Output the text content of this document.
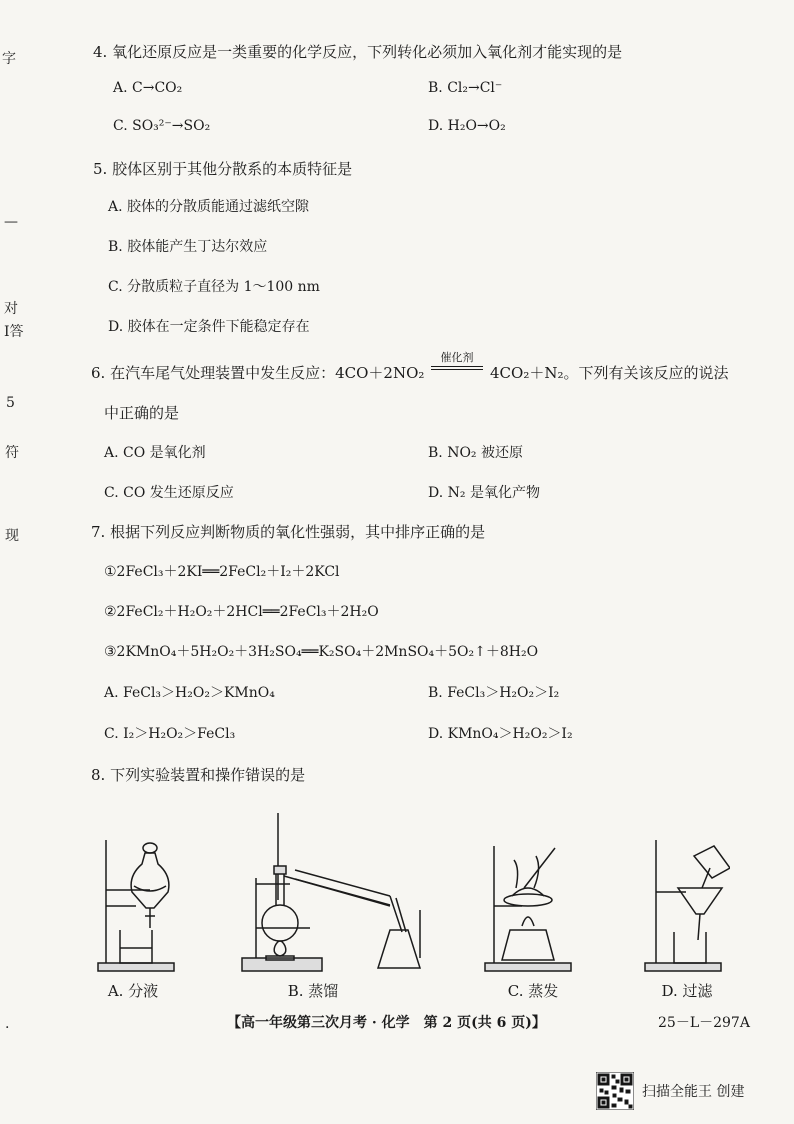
字
—
对
I答
5
符
现
.
4. 氧化还原反应是一类重要的化学反应，下列转化必须加入氧化剂才能实现的是
A. C→CO₂	B. Cl₂→Cl⁻
C. SO₃²⁻→SO₂	D. H₂O→O₂
5. 胶体区别于其他分散系的本质特征是
A. 胶体的分散质能通过滤纸空隙
B. 胶体能产生丁达尔效应
C. 分散质粒子直径为 1～100 nm
D. 胶体在一定条件下能稳定存在
6. 在汽车尾气处理装置中发生反应：4CO＋2NO₂
催化剂
4CO₂＋N₂。下列有关该反应的说法
中正确的是
A. CO 是氧化剂	B. NO₂ 被还原
C. CO 发生还原反应	D. N₂ 是氧化产物
7. 根据下列反应判断物质的氧化性强弱，其中排序正确的是
①2FeCl₃＋2KI══2FeCl₂＋I₂＋2KCl
②2FeCl₂＋H₂O₂＋2HCl══2FeCl₃＋2H₂O
③2KMnO₄＋5H₂O₂＋3H₂SO₄══K₂SO₄＋2MnSO₄＋5O₂↑＋8H₂O
A. FeCl₃＞H₂O₂＞KMnO₄	B. FeCl₃＞H₂O₂＞I₂
C. I₂＞H₂O₂＞FeCl₃	D. KMnO₄＞H₂O₂＞I₂
8. 下列实验装置和操作错误的是
A. 分液	B. 蒸馏	C. 蒸发	D. 过滤
【高一年级第三次月考 · 化学　第 2 页(共 6 页)】	25－L－297A
扫描全能王 创建
